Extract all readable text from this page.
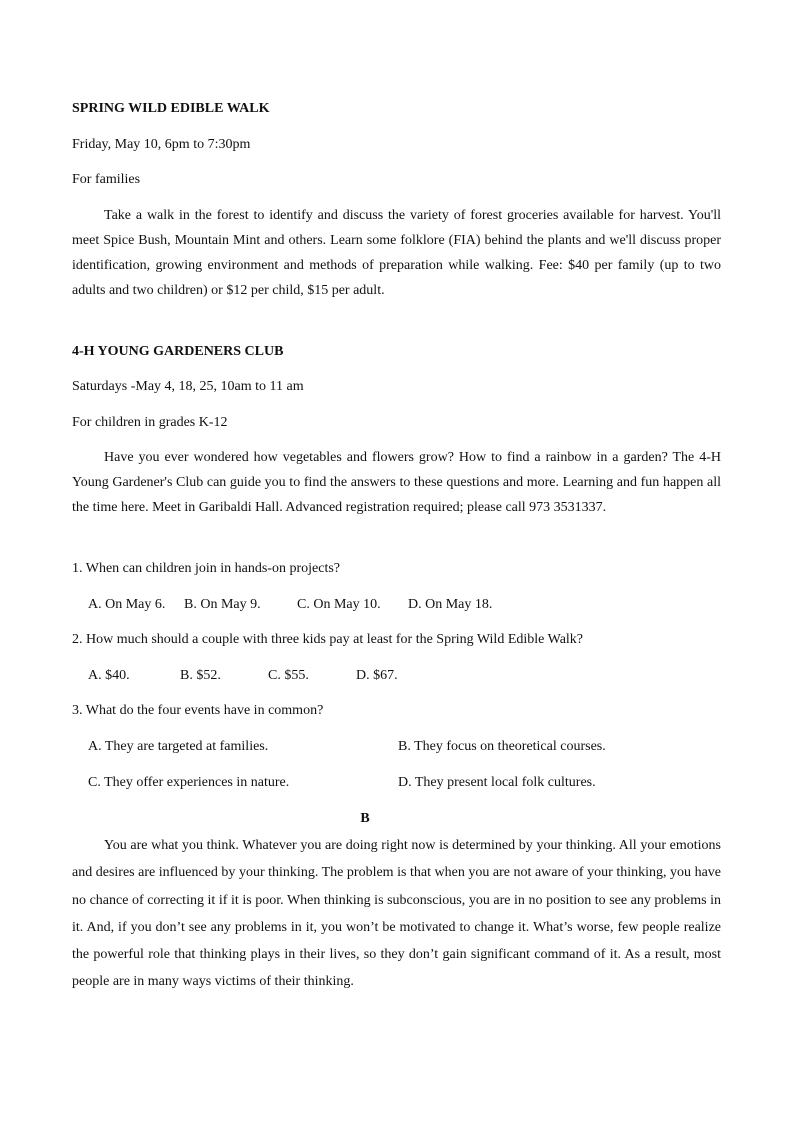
SPRING WILD EDIBLE WALK
Friday, May 10, 6pm to 7:30pm
For families
Take a walk in the forest to identify and discuss the variety of forest groceries available for harvest. You'll meet Spice Bush, Mountain Mint and others. Learn some folklore (FIA) behind the plants and we'll discuss proper identification, growing environment and methods of preparation while walking. Fee: $40 per family (up to two adults and two children) or $12 per child, $15 per adult.
4-H YOUNG GARDENERS CLUB
Saturdays -May 4, 18, 25, 10am to 11 am
For children in grades K-12
Have you ever wondered how vegetables and flowers grow? How to find a rainbow in a garden? The 4-H Young Gardener's Club can guide you to find the answers to these questions and more. Learning and fun happen all the time here. Meet in Garibaldi Hall. Advanced registration required; please call 973 3531337.
1. When can children join in hands-on projects?
A. On May 6. B. On May 9.	C. On May 10. D. On May 18.
2. How much should a couple with three kids pay at least for the Spring Wild Edible Walk?
A. $40.	B. $52.	C. $55.	D. $67.
3. What do the four events have in common?
A. They are targeted at families.	B. They focus on theoretical courses.
C. They offer experiences in nature.	D. They present local folk cultures.
B
You are what you think. Whatever you are doing right now is determined by your thinking. All your emotions and desires are influenced by your thinking. The problem is that when you are not aware of your thinking, you have no chance of correcting it if it is poor. When thinking is subconscious, you are in no position to see any problems in it. And, if you don’t see any problems in it, you won’t be motivated to change it. What’s worse, few people realize the powerful role that thinking plays in their lives, so they don’t gain significant command of it. As a result, most people are in many ways victims of their thinking.
